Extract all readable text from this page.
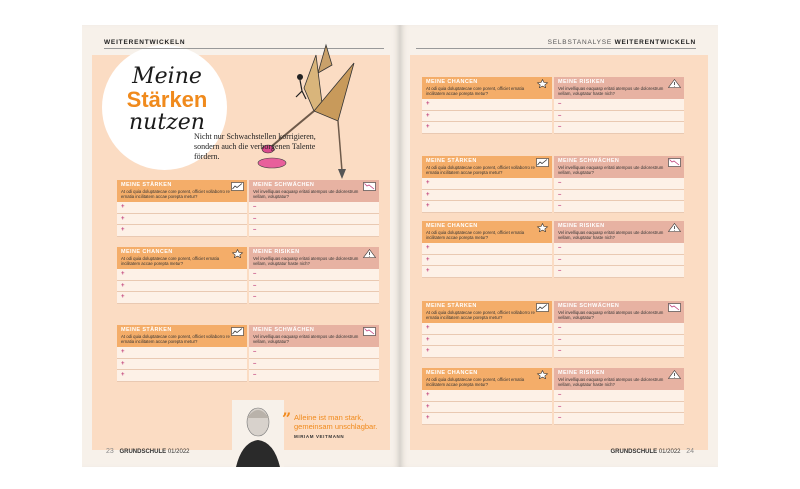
WEITERENTWICKELN
Meine
Stärken
nutzen
Nicht nur Schwachstellen korrigieren, sondern auch die verborgenen Talente fördern.
MEINE STÄRKEN
At odi quia doluptatecae core porent, officiet vollaborro re ernatia incilitatem accae porepta metur?
+
+
+
MEINE SCHWÄCHEN
Vel invelliquas eaquasp eritati atempos ute dolorestrum vellam, voluptatur?
–
–
–
MEINE CHANCEN
At odi quia doluptatecae core porent, officiet ernatia incilitatem accae porepta metur?
+
+
+
MEINE RISIKEN
Vel invelliquas eaquasp eritati atempos ute dolorestrum vellam, voluptatur haste nich?
–
–
–
MEINE STÄRKEN
At odi quia doluptatecae core porent, officiet vollaborro re ernatia incilitatem accae porepta metur?
+
+
+
MEINE SCHWÄCHEN
Vel invelliquas eaquasp eritati atempos ute dolorestrum vellam, voluptatur?
–
–
–
” Alleine ist man stark, gemeinsam unschlagbar.
MIRIAM VEITMANN
23 GRUNDSCHULE 01/2022
SELBSTANALYSE WEITERENTWICKELN
MEINE CHANCEN
At odi quia doluptatecae core porent, officiet ernatia incilitatem accae porepta metur?
+
+
+
MEINE RISIKEN
Vel invelliquas eaquasp eritati atempos ute dolorestrum vellam, voluptatur haste nich?
–
–
–
MEINE STÄRKEN
At odi quia doluptatecae core porent, officiet vollaborro re ernatia incilitatem accae porepta metur?
+
+
+
MEINE SCHWÄCHEN
Vel invelliquas eaquasp eritati atempos ute dolorestrum vellam, voluptatur?
–
–
–
MEINE CHANCEN
At odi quia doluptatecae core porent, officiet ernatia incilitatem accae porepta metur?
+
+
+
MEINE RISIKEN
Vel invelliquas eaquasp eritati atempos ute dolorestrum vellam, voluptatur haste nich?
–
–
–
MEINE STÄRKEN
At odi quia doluptatecae core porent, officiet vollaborro re ernatia incilitatem accae porepta metur?
+
+
+
MEINE SCHWÄCHEN
Vel invelliquas eaquasp eritati atempos ute dolorestrum vellam, voluptatur?
–
–
–
MEINE CHANCEN
At odi quia doluptatecae core porent, officiet ernatia incilitatem accae porepta metur?
+
+
+
MEINE RISIKEN
Vel invelliquas eaquasp eritati atempos ute dolorestrum vellam, voluptatur haste nich?
–
–
–
GRUNDSCHULE 01/2022 24
